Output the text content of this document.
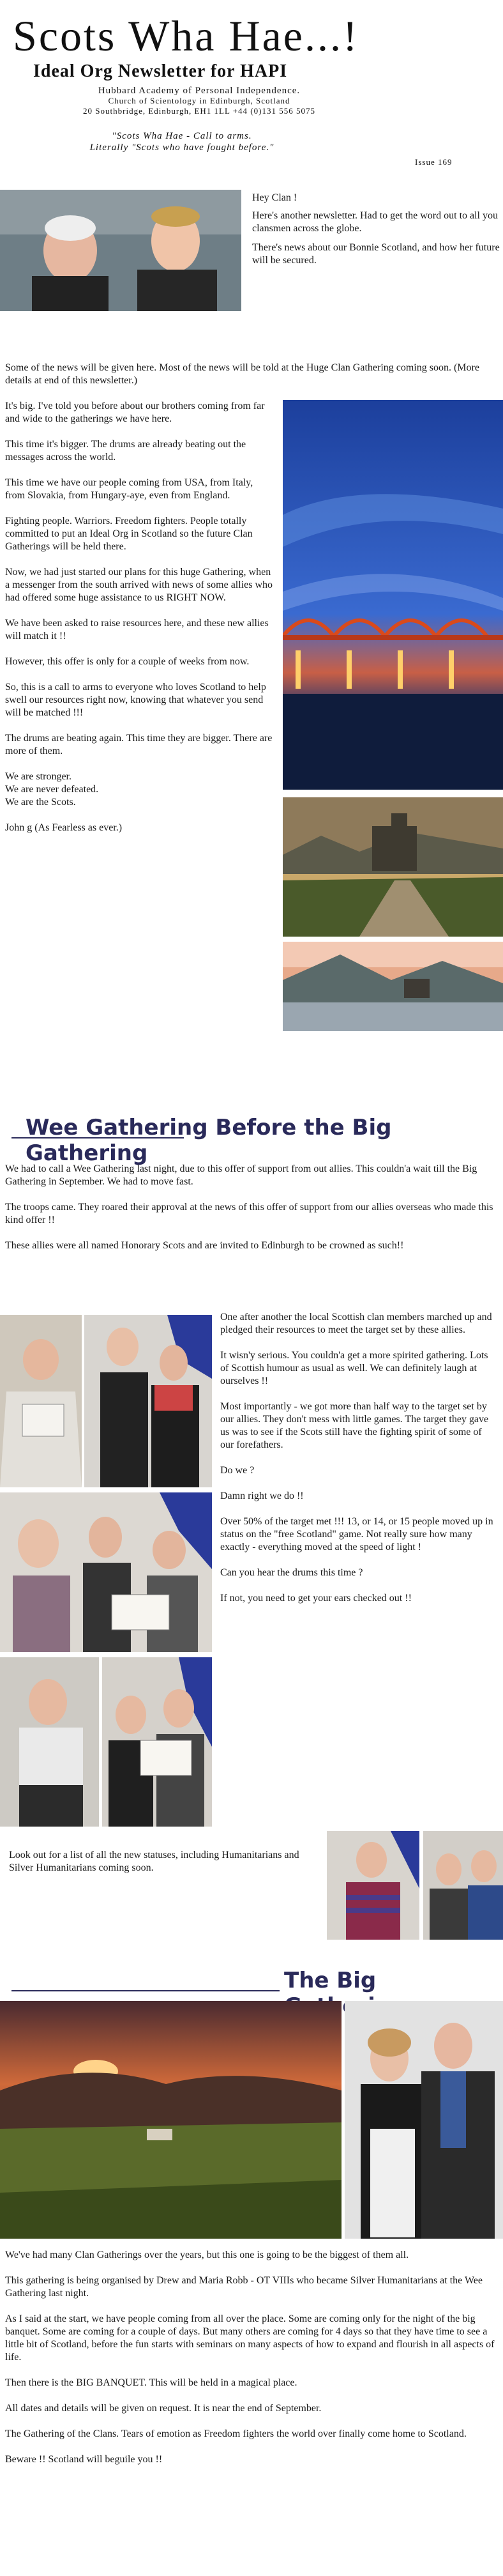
Scots Wha Hae...!
Ideal Org Newsletter for HAPI
Hubbard Academy of Personal Independence.
Church of Scientology in Edinburgh, Scotland
20 Southbridge, Edinburgh, EH1 1LL +44 (0)131 556 5075
"Scots Wha Hae - Call to arms.
Literally "Scots who have fought before."
Issue 169

Hey Clan !

Here's another newsletter. Had to get the word out to all you clansmen across the globe.

There's news about our Bonnie Scotland, and how her future will be secured.

Some of the news will be given here. Most of the news will be told at the Huge Clan Gathering coming soon. (More details at end of this newsletter.)

It's big. I've told you before about our brothers coming from far and wide to the gatherings we have here.

This time it's bigger. The drums are already beating out the messages across the world.

This time we have our people coming from USA, from Italy, from Slovakia, from Hungary-aye, even from England.

Fighting people. Warriors. Freedom fighters. People totally committed to put an Ideal Org in Scotland so the future Clan Gatherings will be held there.

Now, we had just started our plans for this huge Gathering, when a messenger from the south arrived with news of some allies who had offered some huge assistance to us RIGHT NOW.

We have been asked to raise resources here, and these new allies will match it !!

However, this offer is only for a couple of weeks from now.

So, this is a call to arms to everyone who loves Scotland to help swell our resources right now, knowing that whatever you send will be matched !!!

The drums are beating again. This time they are bigger. There are more of them.

We are stronger.
We are never defeated.
We are the Scots.
John g (As Fearless as ever.)
Wee Gathering Before the Big Gathering

We had to call a Wee Gathering last night, due to this offer of support from out allies. This couldn'a wait till the Big Gathering in September. We had to move fast.

The troops came. They roared their approval at the news of this offer of support from our allies overseas who made this kind offer !!

These allies were all named Honorary Scots and are invited to Edinburgh to be crowned as such!!

One after another the local Scottish clan members marched up and pledged their resources to meet the target set by these allies.

It wisn'y serious. You couldn'a get a more spirited gathering. Lots of Scottish humour as usual as well. We can definitely laugh at ourselves !!

Most importantly - we got more than half way to the target set by our allies. They don't mess with little games. The target they gave us was to see if the Scots still have the fighting spirit of some of our forefathers.

Do we ?

Damn right we do !!

Over 50% of the target met !!! 13, or 14, or 15 people moved up in status on the "free Scotland" game. Not really sure how many exactly - everything moved at the speed of light !

Can you hear the drums this time ?

If not, you need to get your ears checked out !!

Look out for a list of all the new statuses, including Humanitarians and Silver Humanitarians coming soon.
The Big

We've had many Clan Gatherings over the years, but this one is going to be the biggest of them all.

This gathering is being organised by Drew and Maria Robb - OT VIIIs who became Silver Humanitarians at the Wee Gathering last night.

As I said at the start, we have people coming from all over the place. Some are coming only for the night of the big banquet. Some are coming for a couple of days. But many others are coming for 4 days so that they have time to see a little bit of Scotland, before the fun starts with seminars on many aspects of how to expand and flourish in all aspects of life.

Then there is the BIG BANQUET. This will be held in a magical place.

All dates and details will be given on request. It is near the end of September.

The Gathering of the Clans. Tears of emotion as Freedom fighters the world over finally come home to Scotland.

Beware !! Scotland will beguile you !!
